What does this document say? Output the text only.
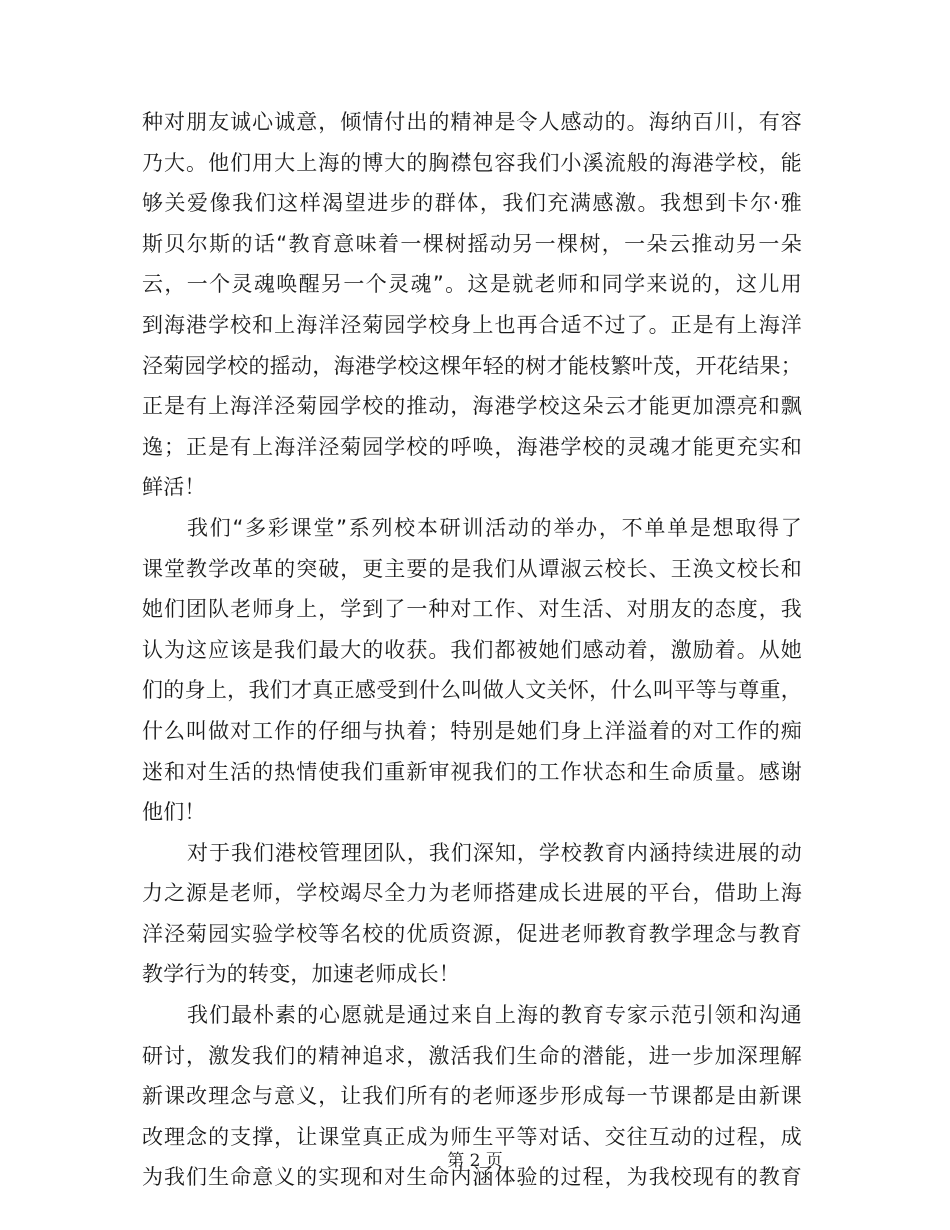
种对朋友诚心诚意，倾情付出的精神是令人感动的。海纳百川，有容
乃大。他们用大上海的博大的胸襟包容我们小溪流般的海港学校，能
够关爱像我们这样渴望进步的群体，我们充满感激。我想到卡尔·雅
斯贝尔斯的话“教育意味着一棵树摇动另一棵树，一朵云推动另一朵
云，一个灵魂唤醒另一个灵魂”。这是就老师和同学来说的，这儿用
到海港学校和上海洋泾菊园学校身上也再合适不过了。正是有上海洋
泾菊园学校的摇动，海港学校这棵年轻的树才能枝繁叶茂，开花结果；
正是有上海洋泾菊园学校的推动，海港学校这朵云才能更加漂亮和飘
逸；正是有上海洋泾菊园学校的呼唤，海港学校的灵魂才能更充实和
鲜活！
我们“多彩课堂”系列校本研训活动的举办，不单单是想取得了
课堂教学改革的突破，更主要的是我们从谭淑云校长、王涣文校长和
她们团队老师身上，学到了一种对工作、对生活、对朋友的态度，我
认为这应该是我们最大的收获。我们都被她们感动着，激励着。从她
们的身上，我们才真正感受到什么叫做人文关怀，什么叫平等与尊重，
什么叫做对工作的仔细与执着；特别是她们身上洋溢着的对工作的痴
迷和对生活的热情使我们重新审视我们的工作状态和生命质量。感谢
他们！
对于我们港校管理团队，我们深知，学校教育内涵持续进展的动
力之源是老师，学校竭尽全力为老师搭建成长进展的平台，借助上海
洋泾菊园实验学校等名校的优质资源，促进老师教育教学理念与教育
教学行为的转变，加速老师成长！
我们最朴素的心愿就是通过来自上海的教育专家示范引领和沟通
研讨，激发我们的精神追求，激活我们生命的潜能，进一步加深理解
新课改理念与意义，让我们所有的老师逐步形成每一节课都是由新课
改理念的支撑，让课堂真正成为师生平等对话、交往互动的过程，成
为我们生命意义的实现和对生命内涵体验的过程，为我校现有的教育
第 2 页
